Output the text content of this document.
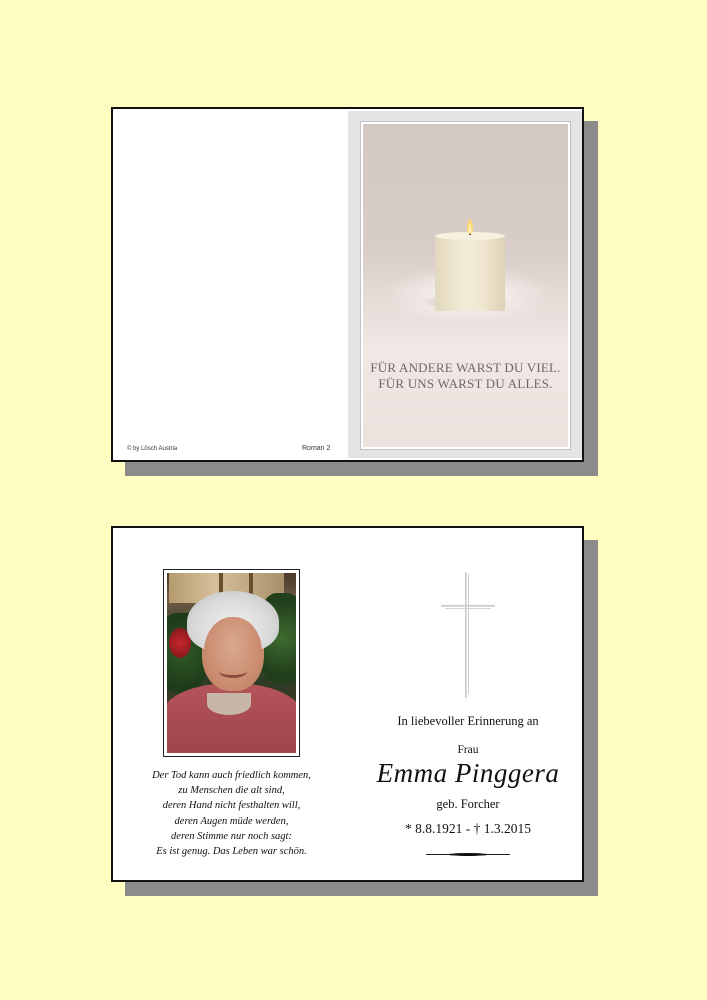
© by Lösch Austria	Roman 2
FÜR ANDERE WARST DU VIEL.
FÜR UNS WARST DU ALLES.
Der Tod kann auch friedlich kommen,
zu Menschen die alt sind,
deren Hand nicht festhalten will,
deren Augen müde werden,
deren Stimme nur noch sagt:
Es ist genug. Das Leben war schön.
In liebevoller Erinnerung an
Frau
Emma Pinggera
geb. Forcher
* 8.8.1921 - † 1.3.2015
